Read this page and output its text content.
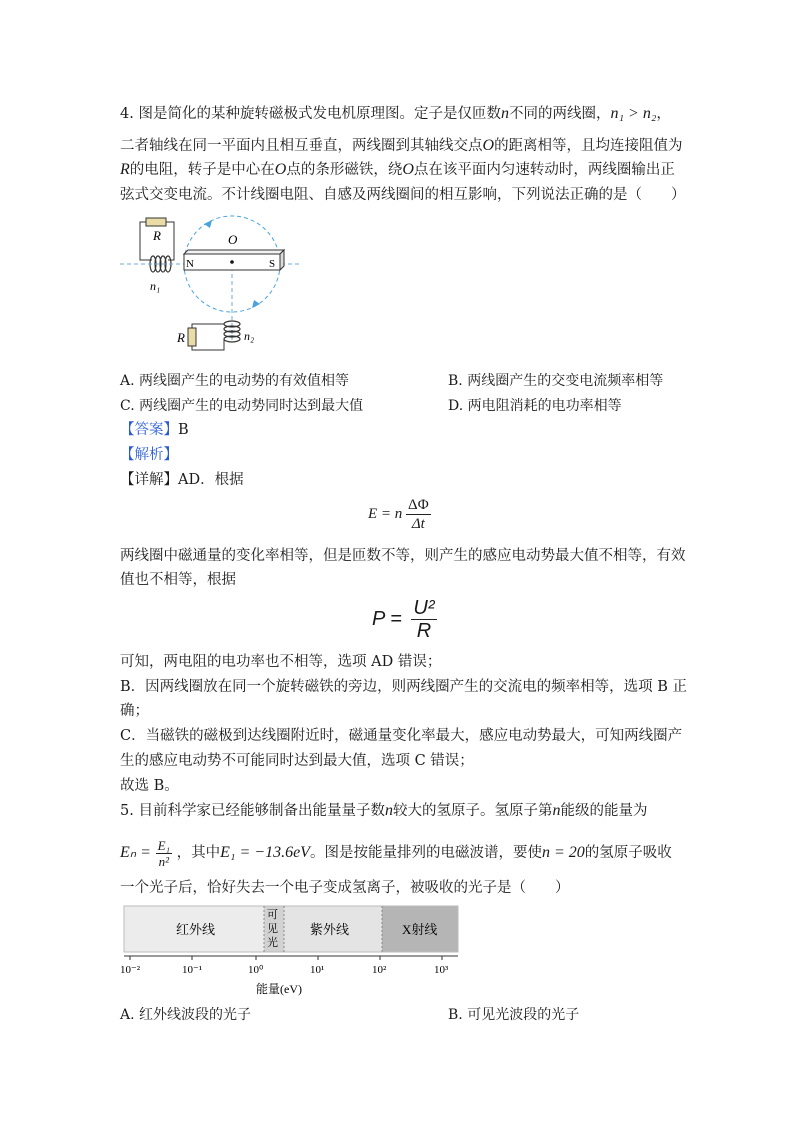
4. 图是简化的某种旋转磁极式发电机原理图。定子是仅匝数n不同的两线圈，n₁ > n₂，
二者轴线在同一平面内且相互垂直，两线圈到其轴线交点O的距离相等，且均连接阻值为
R的电阻，转子是中心在O点的条形磁铁，绕O点在该平面内匀速转动时，两线圈输出正
弦式交变电流。不计线圈电阻、自感及两线圈间的相互影响，下列说法正确的是（　　）
R
n₁
O
N	S
R	n₂
A. 两线圈产生的电动势的有效值相等	B. 两线圈产生的交变电流频率相等
C. 两线圈产生的电动势同时达到最大值	D. 两电阻消耗的电功率相等
【答案】B
【解析】
【详解】AD．根据
E = n $\frac{\Delta\Phi}{\Delta t}$
两线圈中磁通量的变化率相等，但是匝数不等，则产生的感应电动势最大值不相等，有效
值也不相等，根据
$P = \frac{\text{U²}}{R}$
可知，两电阻的电功率也不相等，选项 AD 错误；
B．因两线圈放在同一个旋转磁铁的旁边，则两线圈产生的交流电的频率相等，选项 B 正
确；
C．当磁铁的磁极到达线圈附近时，磁通量变化率最大，感应电动势最大，可知两线圈产
生的感应电动势不可能同时达到最大值，选项 C 错误；
故选 B。
5. 目前科学家已经能够制备出能量量子数n较大的氢原子。氢原子第n能级的能量为
$E_n = \frac{\text{E₁}}{\text{n²}}$ ，其中E₁ = −13.6eV。图是按能量排列的电磁波谱，要使n = 20的氢原子吸收
一个光子后，恰好失去一个电子变成氢离子，被吸收的光子是（　　）
红外线
可
见
光
紫外线	X射线
10⁻²	10⁻¹	10⁰	10¹	10²	10³
能量(eV)
A. 红外线波段的光子	B. 可见光波段的光子
